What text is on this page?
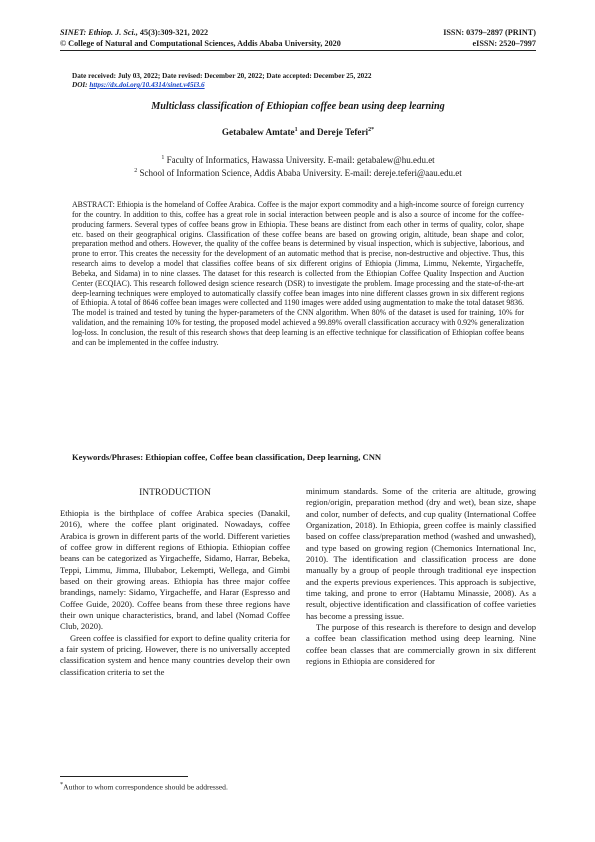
SINET: Ethiop. J. Sci., 45(3):309-321, 2022	ISSN: 0379–2897 (PRINT)
© College of Natural and Computational Sciences, Addis Ababa University, 2020	eISSN: 2520–7997
Date received: July 03, 2022; Date revised: December 20, 2022; Date accepted: December 25, 2022
DOI: https://dx.doi.org/10.4314/sinet.v45i3.6
Multiclass classification of Ethiopian coffee bean using deep learning
Getabalew Amtate$^1$ and Dereje Teferi$^{2*}$
$^1$ Faculty of Informatics, Hawassa University. E-mail: getabalew@hu.edu.et
$^2$ School of Information Science, Addis Ababa University. E-mail: dereje.teferi@aau.edu.et
ABSTRACT: Ethiopia is the homeland of Coffee Arabica. Coffee is the major export commodity and a high-income source of foreign currency for the country. In addition to this, coffee has a great role in social interaction between people and is also a source of income for the coffee-producing farmers. Several types of coffee beans grow in Ethiopia. These beans are distinct from each other in terms of quality, color, shape etc. based on their geographical origins. Classification of these coffee beans are based on growing origin, altitude, bean shape and color, preparation method and others. However, the quality of the coffee beans is determined by visual inspection, which is subjective, laborious, and prone to error. This creates the necessity for the development of an automatic method that is precise, non-destructive and objective. Thus, this research aims to develop a model that classifies coffee beans of six different origins of Ethiopia (Jimma, Limmu, Nekemte, Yirgacheffe, Bebeka, and Sidama) in to nine classes. The dataset for this research is collected from the Ethiopian Coffee Quality Inspection and Auction Center (ECQIAC). This research followed design science research (DSR) to investigate the problem. Image processing and the state-of-the-art deep-learning techniques were employed to automatically classify coffee bean images into nine different classes grown in six different regions of Ethiopia. A total of 8646 coffee bean images were collected and 1190 images were added using augmentation to make the total dataset 9836. The model is trained and tested by tuning the hyper-parameters of the CNN algorithm. When 80% of the dataset is used for training, 10% for validation, and the remaining 10% for testing, the proposed model achieved a 99.89% overall classification accuracy with 0.92% generalization log-loss. In conclusion, the result of this research shows that deep learning is an effective technique for classification of Ethiopian coffee beans and can be implemented in the coffee industry.
Keywords/Phrases: Ethiopian coffee, Coffee bean classification, Deep learning, CNN
INTRODUCTION

Ethiopia is the birthplace of coffee Arabica species (Danakil, 2016), where the coffee plant originated. Nowadays, coffee Arabica is grown in different parts of the world. Different varieties of coffee grow in different regions of Ethiopia. Ethiopian coffee beans can be categorized as Yirgacheffe, Sidamo, Harrar, Bebeka, Teppi, Limmu, Jimma, Illubabor, Lekempti, Wellega, and Gimbi based on their growing areas. Ethiopia has three major coffee brandings, namely: Sidamo, Yirgacheffe, and Harar (Espresso and Coffee Guide, 2020). Coffee beans from these three regions have their own unique characteristics, brand, and label (Nomad Coffee Club, 2020).

Green coffee is classified for export to define quality criteria for a fair system of pricing. However, there is no universally accepted classification system and hence many countries develop their own classification criteria to set the

minimum standards. Some of the criteria are altitude, growing region/origin, preparation method (dry and wet), bean size, shape and color, number of defects, and cup quality (International Coffee Organization, 2018). In Ethiopia, green coffee is mainly classified based on coffee class/preparation method (washed and unwashed), and type based on growing region (Chemonics International Inc, 2010). The identification and classification process are done manually by a group of people through traditional eye inspection and the experts previous experiences. This approach is subjective, time taking, and prone to error (Habtamu Minassie, 2008). As a result, objective identification and classification of coffee varieties has become a pressing issue.

The purpose of this research is therefore to design and develop a coffee bean classification method using deep learning. Nine coffee bean classes that are commercially grown in six different regions in Ethiopia are considered for

*Author to whom correspondence should be addressed.
